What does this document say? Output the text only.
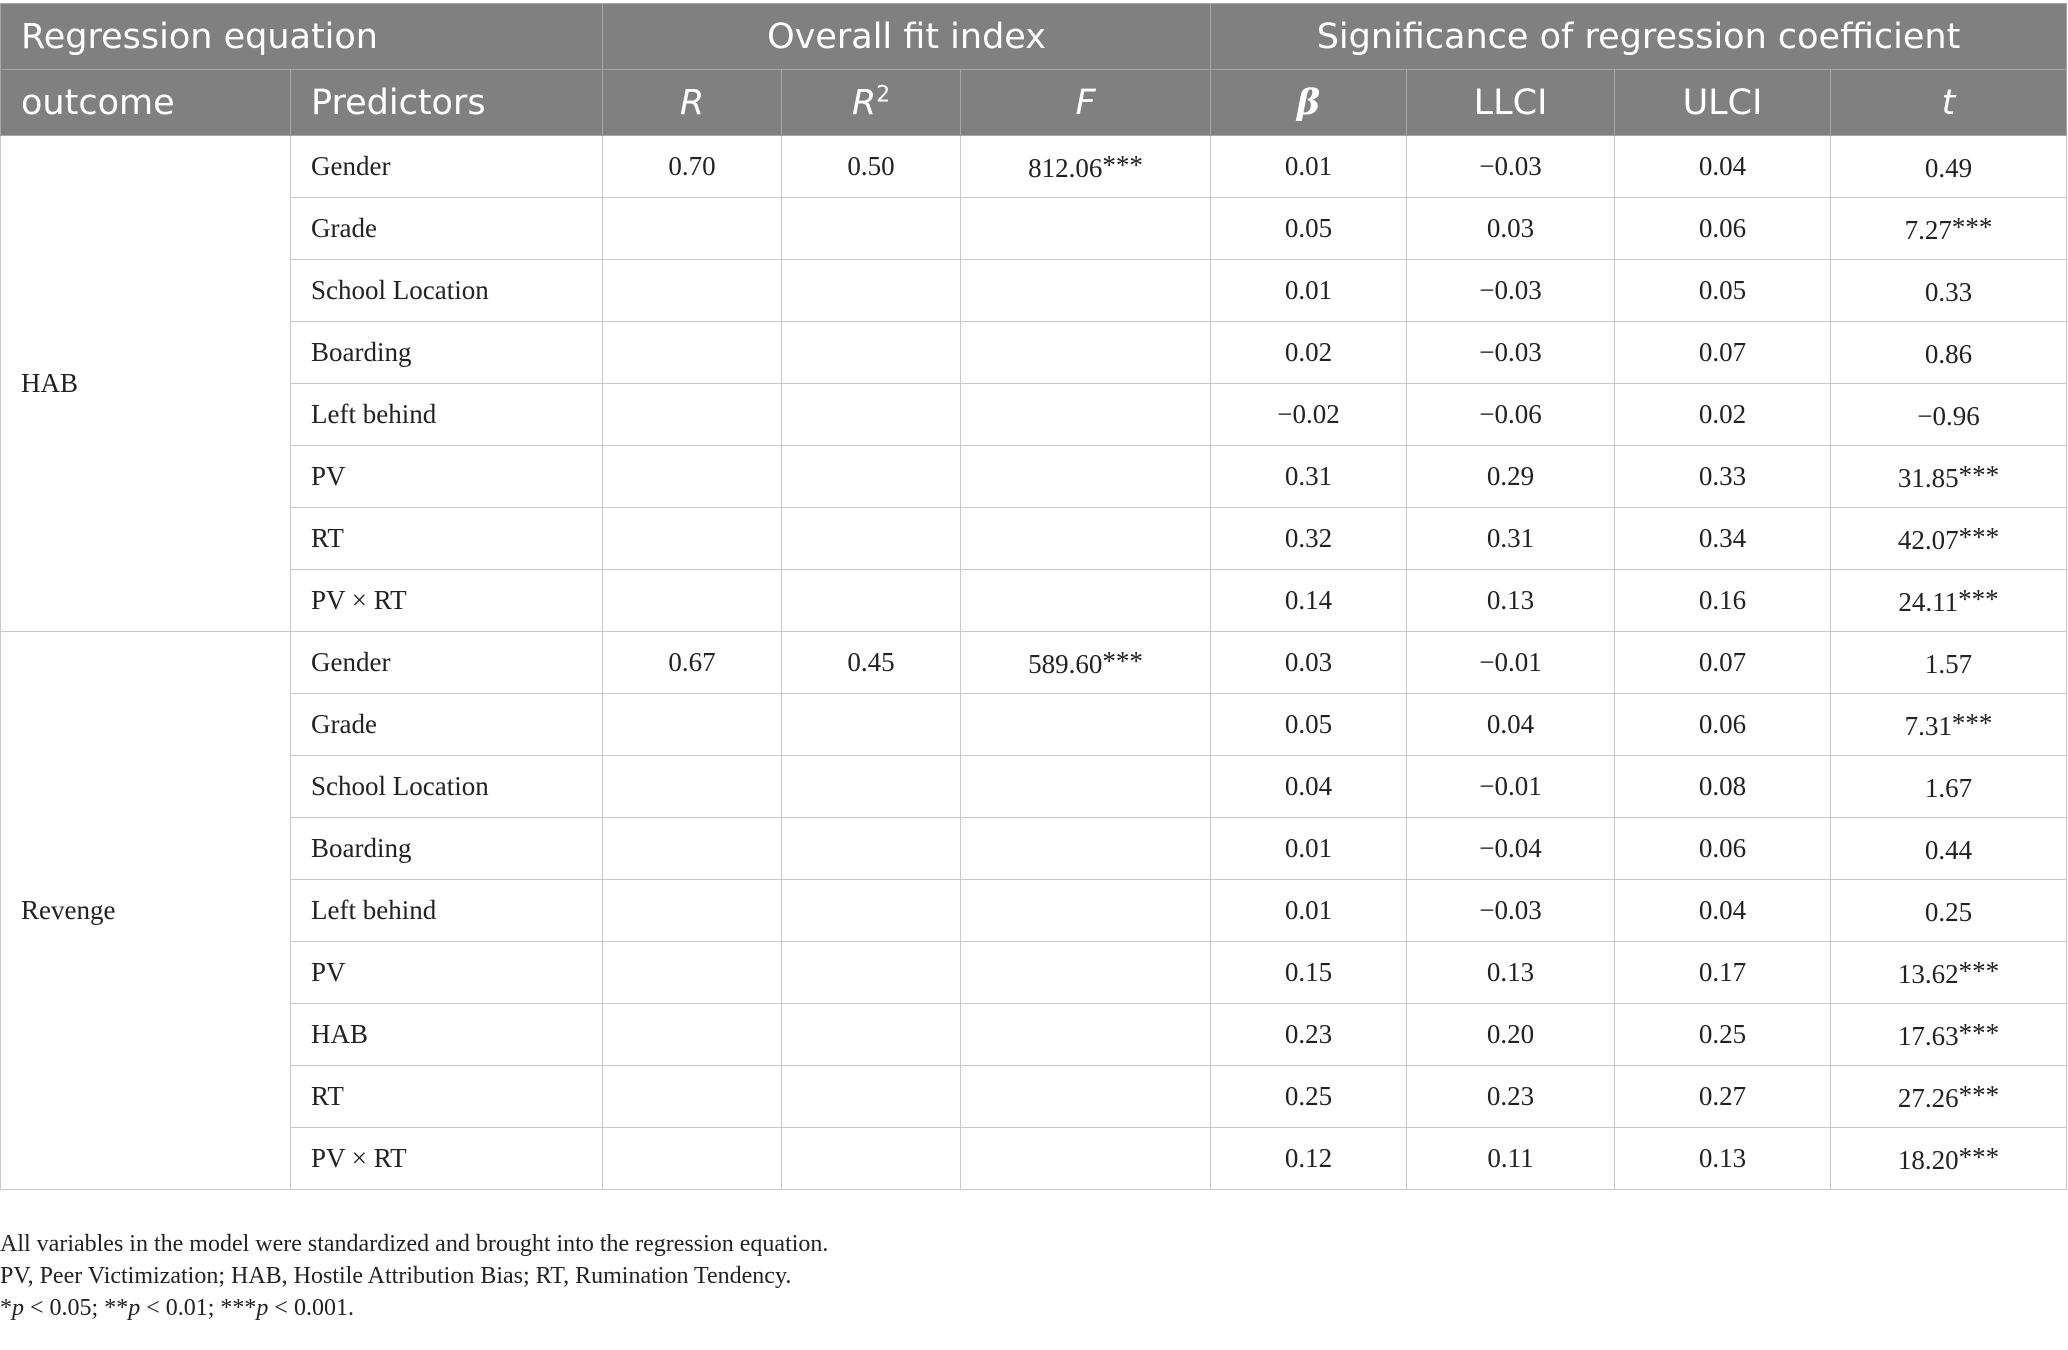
Regression equation		Overall fit index			Significance of regression coefficient			
outcome	Predictors	R	$R^2$	F	β	LLCI	ULCI	t
HAB	Gender	0.70	0.50	812.06***	0.01	−0.03	0.04	0.49
	Grade				0.05	0.03	0.06	7.27***
	School Location				0.01	−0.03	0.05	0.33
	Boarding				0.02	−0.03	0.07	0.86
	Left behind				−0.02	−0.06	0.02	−0.96
	PV				0.31	0.29	0.33	31.85***
	RT				0.32	0.31	0.34	42.07***
	PV × RT				0.14	0.13	0.16	24.11***
Revenge	Gender	0.67	0.45	589.60***	0.03	−0.01	0.07	1.57
	Grade				0.05	0.04	0.06	7.31***
	School Location				0.04	−0.01	0.08	1.67
	Boarding				0.01	−0.04	0.06	0.44
	Left behind				0.01	−0.03	0.04	0.25
	PV				0.15	0.13	0.17	13.62***
	HAB				0.23	0.20	0.25	17.63***
	RT				0.25	0.23	0.27	27.26***
	PV × RT				0.12	0.11	0.13	18.20***

All variables in the model were standardized and brought into the regression equation.

PV, Peer Victimization; HAB, Hostile Attribution Bias; RT, Rumination Tendency.

*p < 0.05; **p < 0.01; ***p < 0.001.
